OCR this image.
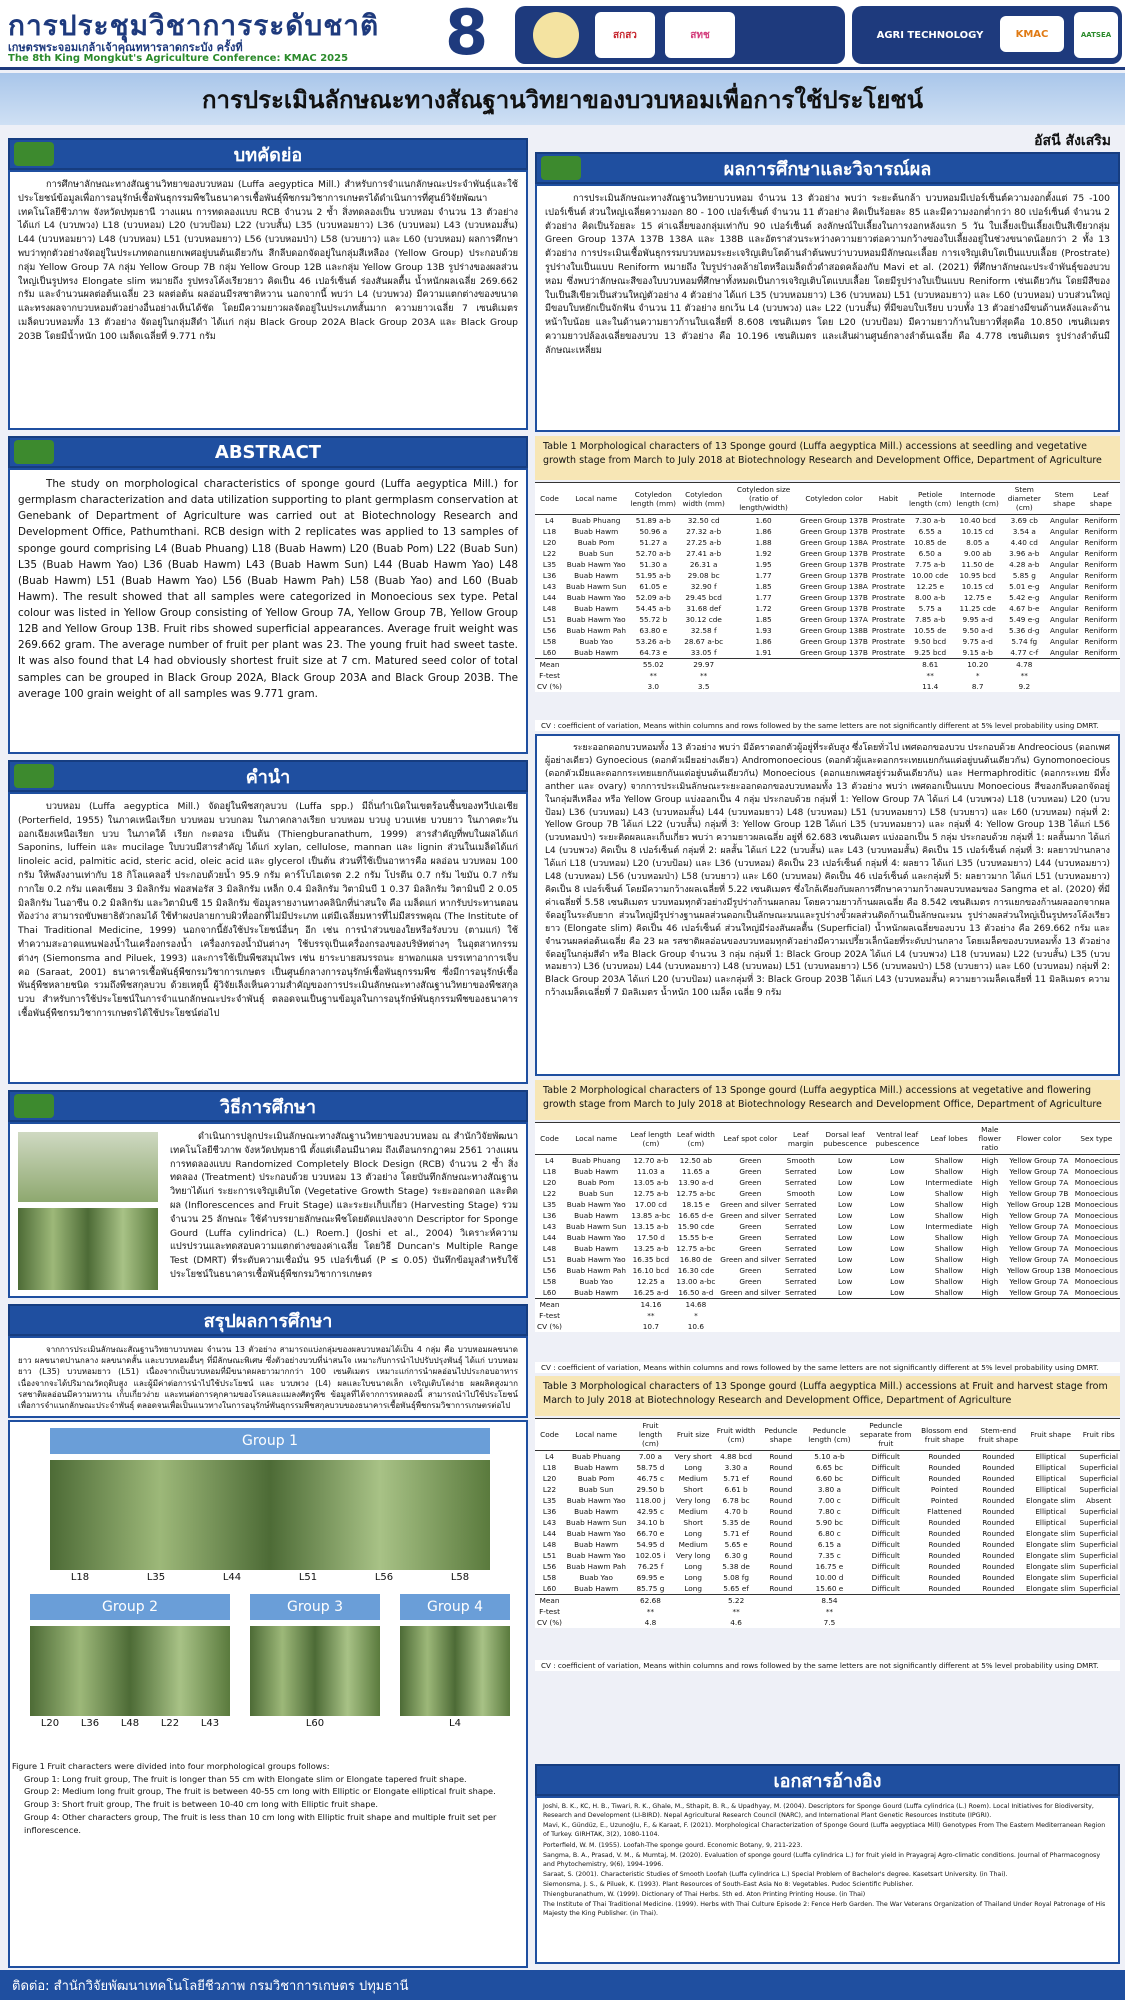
การประชุมวิชาการระดับชาติ
เกษตรพระจอมเกล้าเจ้าคุณทหารลาดกระบัง ครั้งที่
The 8th King Mongkut's Agriculture Conference: KMAC 2025 8	สกสว	สทช	AGRI TECHNOLOGY	KMAC	AATSEA
การประเมินลักษณะทางสัณฐานวิทยาของบวบหอมเพื่อการใช้ประโยชน์
อัสนี สังเสริม
บทคัดย่อ

การศึกษาลักษณะทางสัณฐานวิทยาของบวบหอม (Luffa aegyptica Mill.) สำหรับการจำแนกลักษณะประจำพันธุ์และใช้ประโยชน์ข้อมูลเพื่อการอนุรักษ์เชื้อพันธุกรรมพืชในธนาคารเชื้อพันธุ์พืชกรมวิชาการเกษตรได้ดำเนินการที่ศูนย์วิจัยพัฒนาเทคโนโลยีชีวภาพ จังหวัดปทุมธานี วางแผน การทดลองแบบ RCB จำนวน 2 ซ้ำ สิ่งทดลองเป็น บวบหอม จำนวน 13 ตัวอย่าง ได้แก่ L4 (บวบพวง) L18 (บวบหอม) L20 (บวบป้อม) L22 (บวบสั้น) L35 (บวบหอมยาว) L36 (บวบหอม) L43 (บวบหอมสั้น) L44 (บวบหอมยาว) L48 (บวบหอม) L51 (บวบหอมยาว) L56 (บวบหอมป่า) L58 (บวบยาว) และ L60 (บวบหอม) ผลการศึกษาพบว่าทุกตัวอย่างจัดอยู่ในประเภทดอกแยกเพศอยู่บนต้นเดียวกัน สีกลีบดอกจัดอยู่ในกลุ่มสีเหลือง (Yellow Group) ประกอบด้วย กลุ่ม Yellow Group 7A กลุ่ม Yellow Group 7B กลุ่ม Yellow Group 12B และกลุ่ม Yellow Group 13B รูปร่างของผลส่วนใหญ่เป็นรูปทรง Elongate slim หมายถึง รูปทรงโค้งเรียวยาว คิดเป็น 46 เปอร์เซ็นต์ ร่องสันผลตื้น น้ำหนักผลเฉลี่ย 269.662 กรัม และจำนวนผลต่อต้นเฉลี่ย 23 ผลต่อต้น ผลอ่อนมีรสชาติหวาน นอกจากนี้ พบว่า L4 (บวบพวง) มีความแตกต่างของขนาดและทรงผลจากบวบหอมตัวอย่างอื่นอย่างเห็นได้ชัด โดยมีความยาวผลจัดอยู่ในประเภทสั้นมาก ความยาวเฉลี่ย 7 เซนติเมตร เมล็ดบวบหอมทั้ง 13 ตัวอย่าง จัดอยู่ในกลุ่มสีดำ ได้แก่ กลุ่ม Black Group 202A Black Group 203A และ Black Group 203B โดยมีน้ำหนัก 100 เมล็ดเฉลี่ยที่ 9.771 กรัม

ABSTRACT

The study on morphological characteristics of sponge gourd (Luffa aegyptica Mill.) for germplasm characterization and data utilization supporting to plant germplasm conservation at Genebank of Department of Agriculture was carried out at Biotechnology Research and Development Office, Pathumthani. RCB design with 2 replicates was applied to 13 samples of sponge gourd comprising L4 (Buab Phuang) L18 (Buab Hawm) L20 (Buab Pom) L22 (Buab Sun) L35 (Buab Hawm Yao) L36 (Buab Hawm) L43 (Buab Hawm Sun) L44 (Buab Hawm Yao) L48 (Buab Hawm) L51 (Buab Hawm Yao) L56 (Buab Hawm Pah) L58 (Buab Yao) and L60 (Buab Hawm). The result showed that all samples were categorized in Monoecious sex type. Petal colour was listed in Yellow Group consisting of Yellow Group 7A, Yellow Group 7B, Yellow Group 12B and Yellow Group 13B. Fruit ribs showed superficial appearances. Average fruit weight was 269.662 gram. The average number of fruit per plant was 23. The young fruit had sweet taste. It was also found that L4 had obviously shortest fruit size at 7 cm. Matured seed color of total samples can be grouped in Black Group 202A, Black Group 203A and Black Group 203B. The average 100 grain weight of all samples was 9.771 gram.

คำนำ

บวบหอม (Luffa aegyptica Mill.) จัดอยู่ในพืชสกุลบวบ (Luffa spp.) มีถิ่นกำเนิดในเขตร้อนชื้นของทวีปเอเชีย (Porterfield, 1955) ในภาคเหนือเรียก บวบหอม บวบกลม ในภาคกลางเรียก บวบหอม บวบงู บวบเห่ย บวบยาว ในภาคตะวันออกเฉียงเหนือเรียก บวบ ในภาคใต้ เรียก กะตอรอ เป็นต้น (Thiengburanathum, 1999) สารสำคัญที่พบในผลได้แก่ Saponins, luffein และ mucilage ใบบวบมีสารสำคัญ ได้แก่ xylan, cellulose, mannan และ lignin ส่วนในเมล็ดได้แก่ linoleic acid, palmitic acid, steric acid, oleic acid และ glycerol เป็นต้น ส่วนที่ใช้เป็นอาหารคือ ผลอ่อน บวบหอม 100 กรัม ให้พลังงานเท่ากับ 18 กิโลแคลอรี่ ประกอบด้วยน้ำ 95.9 กรัม คาร์โบไฮเดรต 2.2 กรัม โปรตีน 0.7 กรัม ไขมัน 0.7 กรัม กากใย 0.2 กรัม แคลเซียม 3 มิลลิกรัม ฟอสฟอรัส 3 มิลลิกรัม เหล็ก 0.4 มิลลิกรัม วิตามินบี 1 0.37 มิลลิกรัม วิตามินบี 2 0.05 มิลลิกรัม ไนอาซีน 0.2 มิลลิกรัม และวิตามินซี 15 มิลลิกรัม ข้อมูลรายงานทางคลินิกที่น่าสนใจ คือ เมล็ดแก่ หากรับประทานตอนท้องว่าง สามารถขับพยาธิตัวกลมได้ ใช้ทำผงปลายกาบผิวที่ออกที่ไม่มีประเภท แต่มีเฉลี่ยมหารที่ไม่มีสรรพคุณ (The Institute of Thai Traditional Medicine, 1999) นอกจากนี้ยังใช้ประโยชน์อื่นๆ อีก เช่น การนำส่วนของใยหรือรังบวบ (ตามแก่) ใช้ทำความสะอาดแทนฟองน้ำในเครื่องกรองน้ำ เครื่องกรองน้ำมันต่างๆ ใช้บรรจุเป็นเครื่องกรองของบริษัทต่างๆ ในอุตสาหกรรมต่างๆ (Siemonsma and Piluek, 1993) และการใช้เป็นพืชสมุนไพร เช่น ยาระบายสมรรถนะ ยาพอกแผล บรรเทาอาการเจ็บคอ (Saraat, 2001) ธนาคารเชื้อพันธุ์พืชกรมวิชาการเกษตร เป็นศูนย์กลางการอนุรักษ์เชื้อพันธุกรรมพืช ซึ่งมีการอนุรักษ์เชื้อพันธุ์พืชหลายชนิด รวมถึงพืชสกุลบวบ ด้วยเหตุนี้ ผู้วิจัยเล็งเห็นความสำคัญของการประเมินลักษณะทางสัณฐานวิทยาของพืชสกุลบวบ สำหรับการใช้ประโยชน์ในการจำแนกลักษณะประจำพันธุ์ ตลอดจนเป็นฐานข้อมูลในการอนุรักษ์พันธุกรรมพืชของธนาคารเชื้อพันธุ์พืชกรมวิชาการเกษตรได้ใช้ประโยชน์ต่อไป

วิธีการศึกษา

ดำเนินการปลูกประเมินลักษณะทางสัณฐานวิทยาของบวบหอม ณ สำนักวิจัยพัฒนาเทคโนโลยีชีวภาพ จังหวัดปทุมธานี ตั้งแต่เดือนมีนาคม ถึงเดือนกรกฎาคม 2561 วางแผนการทดลองแบบ Randomized Completely Block Design (RCB) จำนวน 2 ซ้ำ สิ่งทดลอง (Treatment) ประกอบด้วย บวบหอม 13 ตัวอย่าง โดยบันทึกลักษณะทางสัณฐานวิทยาได้แก่ ระยะการเจริญเติบโต (Vegetative Growth Stage) ระยะออกดอก และติดผล (Inflorescences and Fruit Stage) และระยะเก็บเกี่ยว (Harvesting Stage) รวมจำนวน 25 ลักษณะ ใช้คำบรรยายลักษณะพืชโดยดัดแปลงจาก Descriptor for Sponge Gourd (Luffa cylindrica) (L.) Roem.] (Joshi et al., 2004) วิเคราะห์ความแปรปรวนและทดสอบความแตกต่างของค่าเฉลี่ย โดยวิธี Duncan's Multiple Range Test (DMRT) ที่ระดับความเชื่อมั่น 95 เปอร์เซ็นต์ (P ≤ 0.05) บันทึกข้อมูลสำหรับใช้ประโยชน์ในธนาคารเชื้อพันธุ์พืชกรมวิชาการเกษตร

Group 1
L18	L35	L44	L51	L56	L58
Group 2	Group 3	Group 4
L20	L36	L48	L22	L43	L60	L4
Figure 1 Fruit characters were divided into four morphological groups follows:
Group 1: Long fruit group, The fruit is longer than 55 cm with Elongate slim or Elongate tapered fruit shape.
Group 2: Medium long fruit group, The fruit is between 40-55 cm long with Elliptic or Elongate elliptical fruit shape.
Group 3: Short fruit group, The fruit is between 10-40 cm long with Elliptic fruit shape.
Group 4: Other characters group, The fruit is less than 10 cm long with Elliptic fruit shape and multiple fruit set per inflorescence.
สรุปผลการศึกษา

จากการประเมินลักษณะสัณฐานวิทยาบวบหอม จำนวน 13 ตัวอย่าง สามารถแบ่งกลุ่มของผลบวบหอมได้เป็น 4 กลุ่ม คือ บวบหอมผลขนาดยาว ผลขนาดปานกลาง ผลขนาดสั้น และบวบหอมอื่นๆ ที่มีลักษณะพิเศษ ซึ่งตัวอย่างบวบที่น่าสนใจ เหมาะกับการนำไปปรับปรุงพันธุ์ ได้แก่ บวบหอมยาว (L35) บวบหอมยาว (L51) เนื่องจากเป็นบวบหอมที่มีขนาดผลยาวมากกว่า 100 เซนติเมตร เหมาะแก่การนำผลอ่อนไปประกอบอาหาร เนื่องจากจะได้ปริมาณวัตถุดิบสูง และผู้มีค่าต่อการนำไปใช้ประโยชน์ และ บวบพวง (L4) ผลและใบขนาดเล็ก เจริญเติบโตง่าย ผลผลิตสูงมาก รสชาติผลอ่อนมีความหวาน เก็บเกี่ยวง่าย และทนต่อการคุกคามของโรคและแมลงศัตรูพืช ข้อมูลที่ได้จากการทดลองนี้ สามารถนำไปใช้ประโยชน์เพื่อการจำแนกลักษณะประจำพันธุ์ ตลอดจนเพื่อเป็นแนวทางในการอนุรักษ์พันธุกรรมพืชสกุลบวบของธนาคารเชื้อพันธุ์พืชกรมวิชาการเกษตรต่อไป

ผลการศึกษาและวิจารณ์ผล

การประเมินลักษณะทางสัณฐานวิทยาบวบหอม จำนวน 13 ตัวอย่าง พบว่า ระยะต้นกล้า บวบหอมมีเปอร์เซ็นต์ความงอกตั้งแต่ 75 -100 เปอร์เซ็นต์ ส่วนใหญ่เฉลี่ยความงอก 80 - 100 เปอร์เซ็นต์ จำนวน 11 ตัวอย่าง คิดเป็นร้อยละ 85 และมีความงอกต่ำกว่า 80 เปอร์เซ็นต์ จำนวน 2 ตัวอย่าง คิดเป็นร้อยละ 15 ค่าเฉลี่ยของกลุ่มเท่ากับ 90 เปอร์เซ็นต์ ลงลักษณ์ใบเลี้ยงในการงอกหลังแรก 5 วัน ใบเลี้ยงเป็นเลี้ยงเป็นสีเขียวกลุ่ม Green Group 137A 137B 138A และ 138B และอัตราส่วนระหว่างความยาวต่อความกว้างของใบเลี้ยงอยู่ในช่วงขนาดน้อยกว่า 2 ทั้ง 13 ตัวอย่าง การประเมินเชื้อพันธุกรรมบวบหอมระยะเจริญเติบโตด้านลำต้นพบว่าบวบหอมมีลักษณะเลื้อย การเจริญเติบโตเป็นแบบเลื้อย (Prostrate) รูปร่างใบเป็นแบบ Reniform หมายถึง ใบรูปร่างคล้ายไตหรือเมล็ดถั่วดำสอดคล้องกับ Mavi et al. (2021) ที่ศึกษาลักษณะประจำพันธุ์ของบวบหอม ซึ่งพบว่าลักษณะสีของใบบวบหอมที่ศึกษาทั้งหมดเป็นการเจริญเติบโตแบบเลื้อย โดยมีรูปร่างใบเป็นแบบ Reniform เช่นเดียวกัน โดยมีสีของใบเป็นสีเขียวเป็นส่วนใหญ่ตัวอย่าง 4 ตัวอย่าง ได้แก่ L35 (บวบหอมยาว) L36 (บวบหอม) L51 (บวบหอมยาว) และ L60 (บวบหอม) บวบส่วนใหญ่มีขอบใบหยักเป็นจักฟัน จำนวน 11 ตัวอย่าง ยกเว้น L4 (บวบพวง) และ L22 (บวบสั้น) ที่มีขอบใบเรียบ บวบทั้ง 13 ตัวอย่างมีขนด้านหลังและด้านหน้าใบน้อย และในด้านความยาวก้านใบเฉลี่ยที่ 8.608 เซนติเมตร โดย L20 (บวบป้อม) มีความยาวก้านใบยาวที่สุดคือ 10.850 เซนติเมตร ความยาวปล้องเฉลี่ยของบวบ 13 ตัวอย่าง คือ 10.196 เซนติเมตร และเส้นผ่านศูนย์กลางลำต้นเฉลี่ย คือ 4.778 เซนติเมตร รูปร่างลำต้นมีลักษณะเหลี่ยม

Table 1 Morphological characters of 13 Sponge gourd (Luffa aegyptica Mill.) accessions at seedling and vegetative growth stage from March to July 2018 at Biotechnology Research and Development Office, Department of Agriculture
Code	Local name	Cotyledon length (mm)	Cotyledon width (mm)	Cotyledon size (ratio of length/width)	Cotyledon color	Habit	Petiole length (cm)	Internode length (cm)	Stem diameter (cm)	Stem shape	Leaf shape
L4	Buab Phuang	51.89 a-b	32.50 cd	1.60	Green Group 137B	Prostrate	7.30 a-b	10.40 bcd	3.69 cb	Angular	Reniform
L18	Buab Hawm	50.96 a	27.32 a-b	1.86	Green Group 137B	Prostrate	6.55 a	10.15 cd	3.54 a	Angular	Reniform
L20	Buab Pom	51.27 a	27.25 a-b	1.88	Green Group 138A	Prostrate	10.85 de	8.05 a	4.40 cd	Angular	Reniform
L22	Buab Sun	52.70 a-b	27.41 a-b	1.92	Green Group 137B	Prostrate	6.50 a	9.00 ab	3.96 a-b	Angular	Reniform
L35	Buab Hawm Yao	51.30 a	26.31 a	1.95	Green Group 137B	Prostrate	7.75 a-b	11.50 de	4.28 a-b	Angular	Reniform
L36	Buab Hawm	51.95 a-b	29.08 bc	1.77	Green Group 137B	Prostrate	10.00 cde	10.95 bcd	5.85 g	Angular	Reniform
L43	Buab Hawm Sun	61.05 e	32.90 f	1.85	Green Group 138A	Prostrate	12.25 e	10.15 cd	5.01 e-g	Angular	Reniform
L44	Buab Hawm Yao	52.09 a-b	29.45 bcd	1.77	Green Group 137B	Prostrate	8.00 a-b	12.75 e	5.42 e-g	Angular	Reniform
L48	Buab Hawm	54.45 a-b	31.68 def	1.72	Green Group 137B	Prostrate	5.75 a	11.25 cde	4.67 b-e	Angular	Reniform
L51	Buab Hawm Yao	55.72 b	30.12 cde	1.85	Green Group 137A	Prostrate	7.85 a-b	9.95 a-d	5.49 e-g	Angular	Reniform
L56	Buab Hawm Pah	63.80 e	32.58 f	1.93	Green Group 138B	Prostrate	10.55 de	9.50 a-d	5.36 d-g	Angular	Reniform
L58	Buab Yao	53.26 a-b	28.67 a-bc	1.86	Green Group 137B	Prostrate	9.50 bcd	9.75 a-d	5.74 fg	Angular	Reniform
L60	Buab Hawm	64.73 e	33.05 f	1.91	Green Group 137B	Prostrate	9.25 bcd	9.15 a-b	4.77 c-f	Angular	Reniform
Mean		55.02	29.97				8.61	10.20	4.78		
F-test		**	**				**	*	**		
CV (%)		3.0	3.5				11.4	8.7	9.2		
CV : coefficient of variation, Means within columns and rows followed by the same letters are not significantly different at 5% level probability using DMRT.

ระยะออกดอกบวบหอมทั้ง 13 ตัวอย่าง พบว่า มีอัตราดอกตัวผู้อยู่ที่ระดับสูง ซึ่งโดยทั่วไป เพศดอกของบวบ ประกอบด้วย Andreocious (ดอกเพศผู้อย่างเดียว) Gynoecious (ดอกตัวเมียอย่างเดียว) Andromonoecious (ดอกตัวผู้และดอกกระเทยแยกกันแต่อยู่บนต้นเดียวกัน) Gynomonoecious (ดอกตัวเมียและดอกกระเทยแยกกันแต่อยู่บนต้นเดียวกัน) Monoecious (ดอกแยกเพศอยู่ร่วมต้นเดียวกัน) และ Hermaphroditic (ดอกกระเทย มีทั้ง anther และ ovary) จากการประเมินลักษณะระยะออกดอกของบวบหอมทั้ง 13 ตัวอย่าง พบว่า เพศดอกเป็นแบบ Monoecious สีของกลีบดอกจัดอยู่ในกลุ่มสีเหลือง หรือ Yellow Group แบ่งออกเป็น 4 กลุ่ม ประกอบด้วย กลุ่มที่ 1: Yellow Group 7A ได้แก่ L4 (บวบพวง) L18 (บวบหอม) L20 (บวบป้อม) L36 (บวบหอม) L43 (บวบหอมสั้น) L44 (บวบหอมยาว) L48 (บวบหอม) L51 (บวบหอมยาว) L58 (บวบยาว) และ L60 (บวบหอม) กลุ่มที่ 2: Yellow Group 7B ได้แก่ L22 (บวบสั้น) กลุ่มที่ 3: Yellow Group 12B ได้แก่ L35 (บวบหอมยาว) และ กลุ่มที่ 4: Yellow Group 13B ได้แก่ L56 (บวบหอมป่า) ระยะติดผลและเก็บเกี่ยว พบว่า ความยาวผลเฉลี่ย อยู่ที่ 62.683 เซนติเมตร แบ่งออกเป็น 5 กลุ่ม ประกอบด้วย กลุ่มที่ 1: ผลสั้นมาก ได้แก่ L4 (บวบพวง) คิดเป็น 8 เปอร์เซ็นต์ กลุ่มที่ 2: ผลสั้น ได้แก่ L22 (บวบสั้น) และ L43 (บวบหอมสั้น) คิดเป็น 15 เปอร์เซ็นต์ กลุ่มที่ 3: ผลยาวปานกลางได้แก่ L18 (บวบหอม) L20 (บวบป้อม) และ L36 (บวบหอม) คิดเป็น 23 เปอร์เซ็นต์ กลุ่มที่ 4: ผลยาว ได้แก่ L35 (บวบหอมยาว) L44 (บวบหอมยาว) L48 (บวบหอม) L56 (บวบหอมป่า) L58 (บวบยาว) และ L60 (บวบหอม) คิดเป็น 46 เปอร์เซ็นต์ และกลุ่มที่ 5: ผลยาวมาก ได้แก่ L51 (บวบหอมยาว) คิดเป็น 8 เปอร์เซ็นต์ โดยมีความกว้างผลเฉลี่ยที่ 5.22 เซนติเมตร ซึ่งใกล้เคียงกับผลการศึกษาความกว้างผลบวบหอมของ Sangma et al. (2020) ที่มีค่าเฉลี่ยที่ 5.58 เซนติเมตร บวบหอมทุกตัวอย่างมีรูปร่างก้านผลกลม โดยความยาวก้านผลเฉลี่ย คือ 8.542 เซนติเมตร การแยกของก้านผลออกจากผลจัดอยู่ในระดับยาก ส่วนใหญ่มีรูปร่างฐานผลส่วนดอกเป็นลักษณะมนและรูปร่างขั้วผลส่วนติดก้านเป็นลักษณะมน รูปร่างผลส่วนใหญ่เป็นรูปทรงโค้งเรียวยาว (Elongate slim) คิดเป็น 46 เปอร์เซ็นต์ ส่วนใหญ่มีร่องสันผลตื้น (Superficial) น้ำหนักผลเฉลี่ยของบวบ 13 ตัวอย่าง คือ 269.662 กรัม และจำนวนผลต่อต้นเฉลี่ย คือ 23 ผล รสชาติผลอ่อนของบวบหอมทุกตัวอย่างมีความเปรี้ยวเล็กน้อยที่ระดับปานกลาง โดยเมล็ดของบวบหอมทั้ง 13 ตัวอย่าง จัดอยู่ในกลุ่มสีดำ หรือ Black Group จำนวน 3 กลุ่ม กลุ่มที่ 1: Black Group 202A ได้แก่ L4 (บวบพวง) L18 (บวบหอม) L22 (บวบสั้น) L35 (บวบหอมยาว) L36 (บวบหอม) L44 (บวบหอมยาว) L48 (บวบหอม) L51 (บวบหอมยาว) L56 (บวบหอมป่า) L58 (บวบยาว) และ L60 (บวบหอม) กลุ่มที่ 2: Black Group 203A ได้แก่ L20 (บวบป้อม) และกลุ่มที่ 3: Black Group 203B ได้แก่ L43 (บวบหอมสั้น) ความยาวเมล็ดเฉลี่ยที่ 11 มิลลิเมตร ความกว้างเมล็ดเฉลี่ยที่ 7 มิลลิเมตร น้ำหนัก 100 เมล็ด เฉลี่ย 9 กรัม

Table 2 Morphological characters of 13 Sponge gourd (Luffa aegyptica Mill.) accessions at vegetative and flowering growth stage from March to July 2018 at Biotechnology Research and Development Office, Department of Agriculture
Code	Local name	Leaf length (cm)	Leaf width (cm)	Leaf spot color	Leaf margin	Dorsal leaf pubescence	Ventral leaf pubescence	Leaf lobes	Male flower ratio	Flower color	Sex type
L4	Buab Phuang	12.70 a-b	12.50 ab	Green	Smooth	Low	Low	Shallow	High	Yellow Group 7A	Monoecious
L18	Buab Hawm	11.03 a	11.65 a	Green	Serrated	Low	Low	Shallow	High	Yellow Group 7A	Monoecious
L20	Buab Pom	13.05 a-b	13.90 a-d	Green	Serrated	Low	Low	Intermediate	High	Yellow Group 7A	Monoecious
L22	Buab Sun	12.75 a-b	12.75 a-bc	Green	Smooth	Low	Low	Shallow	High	Yellow Group 7B	Monoecious
L35	Buab Hawm Yao	17.00 cd	18.15 e	Green and silver	Serrated	Low	Low	Shallow	High	Yellow Group 12B	Monoecious
L36	Buab Hawm	13.85 a-bc	16.65 d-e	Green and silver	Serrated	Low	Low	Shallow	High	Yellow Group 7A	Monoecious
L43	Buab Hawm Sun	13.15 a-b	15.90 cde	Green	Serrated	Low	Low	Intermediate	High	Yellow Group 7A	Monoecious
L44	Buab Hawm Yao	17.50 d	15.55 b-e	Green	Serrated	Low	Low	Shallow	High	Yellow Group 7A	Monoecious
L48	Buab Hawm	13.25 a-b	12.75 a-bc	Green	Serrated	Low	Low	Shallow	High	Yellow Group 7A	Monoecious
L51	Buab Hawm Yao	16.35 bcd	16.80 de	Green and silver	Serrated	Low	Low	Shallow	High	Yellow Group 7A	Monoecious
L56	Buab Hawm Pah	16.10 bcd	16.30 cde	Green	Serrated	Low	Low	Shallow	High	Yellow Group 13B	Monoecious
L58	Buab Yao	12.25 a	13.00 a-bc	Green	Serrated	Low	Low	Shallow	High	Yellow Group 7A	Monoecious
L60	Buab Hawm	16.25 a-d	16.50 a-d	Green and silver	Serrated	Low	Low	Shallow	High	Yellow Group 7A	Monoecious
Mean		14.16	14.68								
F-test		**	*								
CV (%)		10.7	10.6								
CV : coefficient of variation, Means within columns and rows followed by the same letters are not significantly different at 5% level probability using DMRT.
Table 3 Morphological characters of 13 Sponge gourd (Luffa aegyptica Mill.) accessions at Fruit and harvest stage from March to July 2018 at Biotechnology Research and Development Office, Department of Agriculture
Code	Local name	Fruit length (cm)	Fruit size	Fruit width (cm)	Peduncle shape	Peduncle length (cm)	Peduncle separate from fruit	Blossom end fruit shape	Stem-end fruit shape	Fruit shape	Fruit ribs
L4	Buab Phuang	7.00 a	Very short	4.88 bcd	Round	5.10 a-b	Difficult	Rounded	Rounded	Elliptical	Superficial
L18	Buab Hawm	58.75 d	Long	3.30 a	Round	6.65 bc	Difficult	Rounded	Rounded	Elliptical	Superficial
L20	Buab Pom	46.75 c	Medium	5.71 ef	Round	6.60 bc	Difficult	Rounded	Rounded	Elliptical	Superficial
L22	Buab Sun	29.50 b	Short	6.61 b	Round	3.80 a	Difficult	Pointed	Rounded	Elliptical	Superficial
L35	Buab Hawm Yao	118.00 j	Very long	6.78 bc	Round	7.00 c	Difficult	Pointed	Rounded	Elongate slim	Absent
L36	Buab Hawm	42.95 c	Medium	4.70 b	Round	7.80 c	Difficult	Flattened	Rounded	Elliptical	Superficial
L43	Buab Hawm Sun	34.10 b	Short	5.35 de	Round	5.90 bc	Difficult	Rounded	Rounded	Elliptical	Superficial
L44	Buab Hawm Yao	66.70 e	Long	5.71 ef	Round	6.80 c	Difficult	Rounded	Rounded	Elongate slim	Superficial
L48	Buab Hawm	54.95 d	Medium	5.65 e	Round	6.15 a	Difficult	Rounded	Rounded	Elongate slim	Superficial
L51	Buab Hawm Yao	102.05 i	Very long	6.30 g	Round	7.35 c	Difficult	Rounded	Rounded	Elongate slim	Superficial
L56	Buab Hawm Pah	76.25 f	Long	5.38 de	Round	16.75 e	Difficult	Rounded	Rounded	Elongate slim	Superficial
L58	Buab Yao	69.95 e	Long	5.08 fg	Round	10.00 d	Difficult	Rounded	Rounded	Elongate slim	Superficial
L60	Buab Hawm	85.75 g	Long	5.65 ef	Round	15.60 e	Difficult	Rounded	Rounded	Elongate slim	Superficial
Mean		62.68		5.22		8.54					
F-test		**		**		**					
CV (%)		4.8		4.6		7.5					
CV : coefficient of variation, Means within columns and rows followed by the same letters are not significantly different at 5% level probability using DMRT.
เอกสารอ้างอิง

Joshi, B. K., KC, H. B., Tiwari, R. K., Ghale, M., Sthapit, B. R., & Upadhyay, M. (2004). Descriptors for Sponge Gourd (Luffa cylindrica (L.) Roem). Local Initiatives for Biodiversity, Research and Development (LI-BIRD). Nepal Agricultural Research Council (NARC), and International Plant Genetic Resources Institute (IPGRI).

Mavi, K., Gündüz, E., Uzunoğlu, F., & Karaat, F. (2021). Morphological Characterization of Sponge Gourd (Luffa aegyptiaca Mill) Genotypes From The Eastern Mediterranean Region of Turkey. GIRHTAK, 3(2), 1080-1104.

Porterfield, W. M. (1955). Loofah-The sponge gourd. Economic Botany, 9, 211-223.

Sangma, B. A., Prasad, V. M., & Mumtaj, M. (2020). Evaluation of sponge gourd (Luffa cylindrica L.) for fruit yield in Prayagraj Agro-climatic conditions. Journal of Pharmacognosy and Phytochemistry, 9(6), 1994-1996.

Saraat, S. (2001). Characteristic Studies of Smooth Loofah (Luffa cylindrica L.) Special Problem of Bachelor's degree. Kasetsart University. (in Thai).

Siemonsma, J. S., & Piluek, K. (1993). Plant Resources of South-East Asia No 8: Vegetables. Pudoc Scientific Publisher.

Thiengburanathum, W. (1999). Dictionary of Thai Herbs. 5th ed. Aton Printing Printing House. (in Thai)

The Institute of Thai Traditional Medicine. (1999). Herbs with Thai Culture Episode 2: Fence Herb Garden. The War Veterans Organization of Thailand Under Royal Patronage of His Majesty the King Publisher. (in Thai).

ติดต่อ: สำนักวิจัยพัฒนาเทคโนโลยีชีวภาพ กรมวิชาการเกษตร ปทุมธานี
